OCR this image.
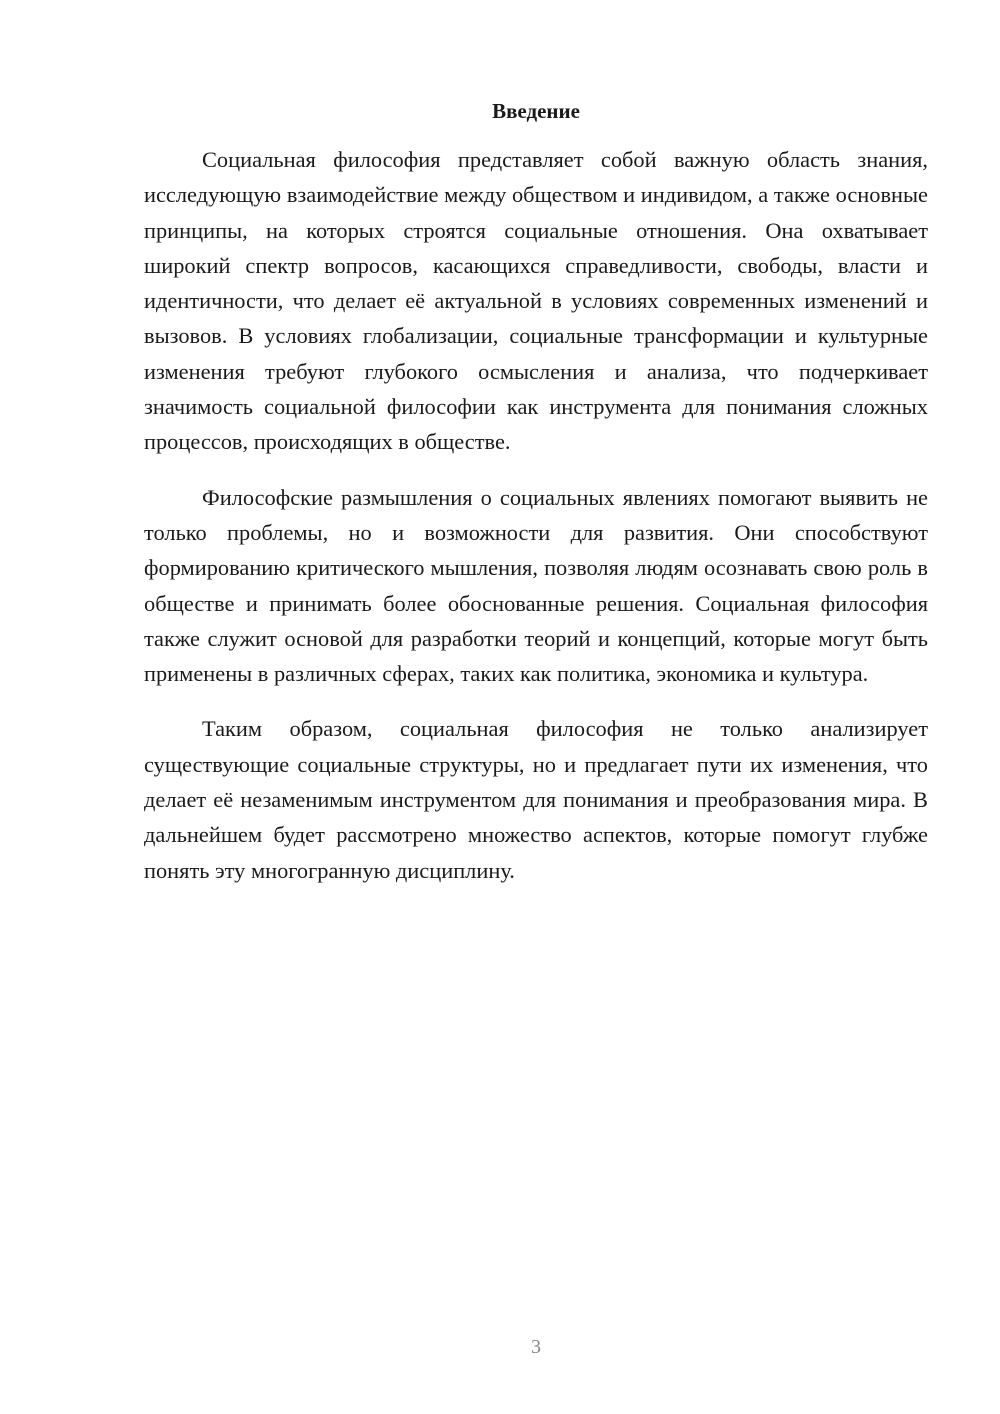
Введение

Социальная философия представляет собой важную область знания, исследующую взаимодействие между обществом и индивидом, а также основные принципы, на которых строятся социальные отношения. Она охватывает широкий спектр вопросов, касающихся справедливости, свободы, власти и идентичности, что делает её актуальной в условиях современных изменений и вызовов. В условиях глобализации, социальные трансформации и культурные изменения требуют глубокого осмысления и анализа, что подчеркивает значимость социальной философии как инструмента для понимания сложных процессов, происходящих в обществе.

Философские размышления о социальных явлениях помогают выявить не только проблемы, но и возможности для развития. Они способствуют формированию критического мышления, позволяя людям осознавать свою роль в обществе и принимать более обоснованные решения. Социальная философия также служит основой для разработки теорий и концепций, которые могут быть применены в различных сферах, таких как политика, экономика и культура.

Таким образом, социальная философия не только анализирует существующие социальные структуры, но и предлагает пути их изменения, что делает её незаменимым инструментом для понимания и преобразования мира. В дальнейшем будет рассмотрено множество аспектов, которые помогут глубже понять эту многогранную дисциплину.

3
